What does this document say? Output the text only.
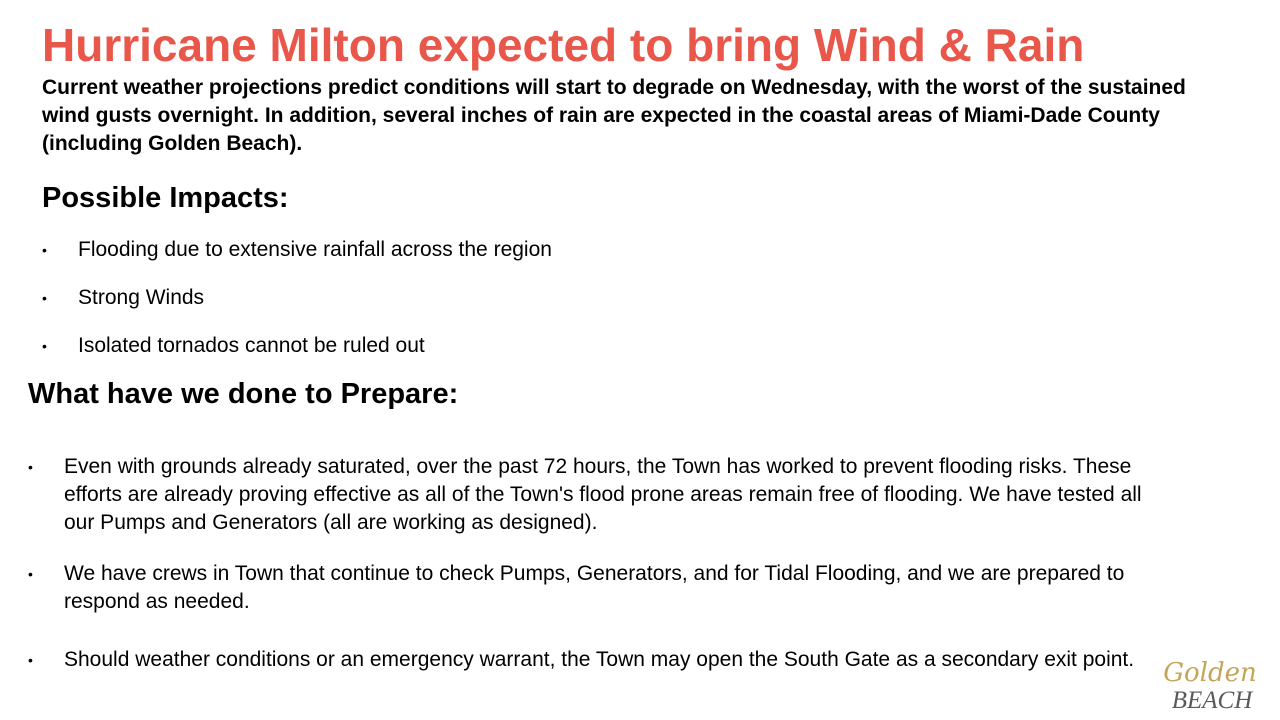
Hurricane Milton expected to bring Wind & Rain
Current weather projections predict conditions will start to degrade on Wednesday, with the worst of the sustained wind gusts overnight. In addition, several inches of rain are expected in the coastal areas of Miami-Dade County (including Golden Beach).
Possible Impacts:
• Flooding due to extensive rainfall across the region
• Strong Winds
• Isolated tornados cannot be ruled out
What have we done to Prepare:
• Even with grounds already saturated, over the past 72 hours, the Town has worked to prevent flooding risks. These efforts are already proving effective as all of the Town's flood prone areas remain free of flooding. We have tested all our Pumps and Generators (all are working as designed).
• We have crews in Town that continue to check Pumps, Generators, and for Tidal Flooding, and we are prepared to respond as needed.
• Should weather conditions or an emergency warrant, the Town may open the South Gate as a secondary exit point.	Golden
BEACH
